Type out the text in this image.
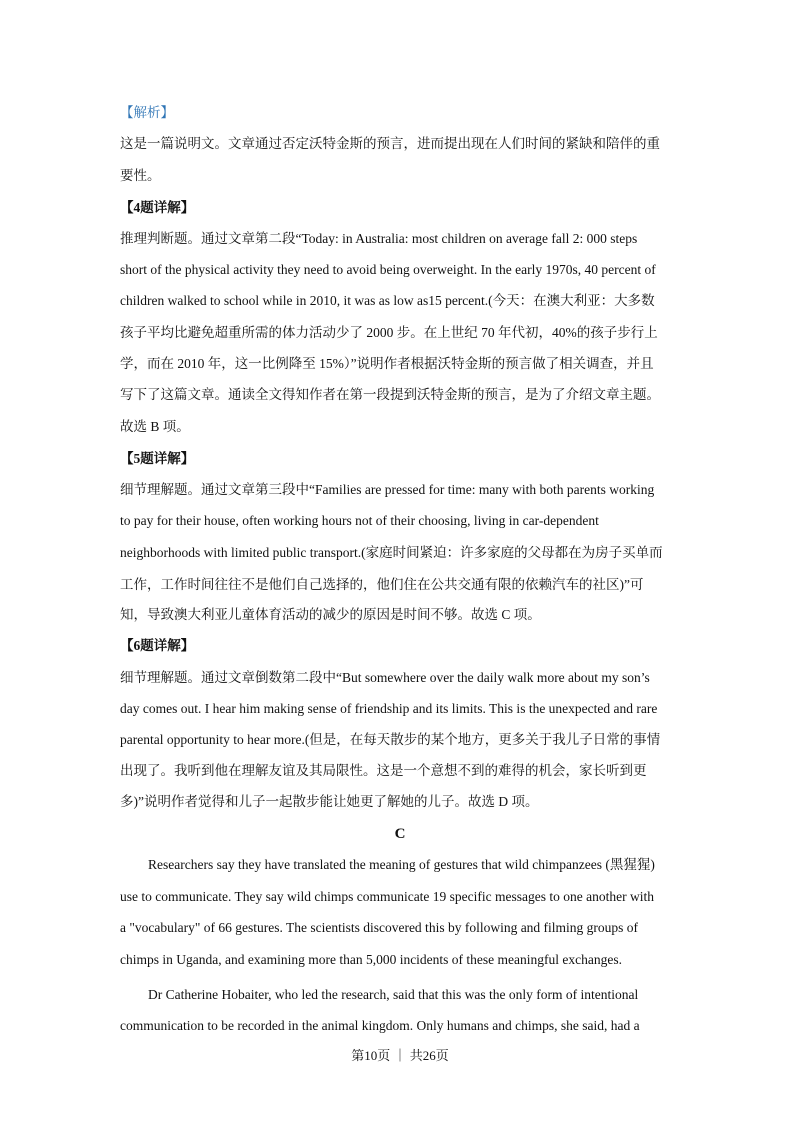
【解析】
这是一篇说明文。文章通过否定沃特金斯的预言，进而提出现在人们时间的紧缺和陪伴的重
要性。
【4题详解】
推理判断题。通过文章第二段“Today: in Australia: most children on average fall 2: 000 steps
short of the physical activity they need to avoid being overweight. In the early 1970s, 40 percent of
children walked to school while in 2010, it was as low as15 percent.(今天：在澳大利亚：大多数
孩子平均比避免超重所需的体力活动少了 2000 步。在上世纪 70 年代初，40%的孩子步行上
学，而在 2010 年，这一比例降至 15%）”说明作者根据沃特金斯的预言做了相关调查，并且
写下了这篇文章。通读全文得知作者在第一段提到沃特金斯的预言，是为了介绍文章主题。
故选 B 项。
【5题详解】
细节理解题。通过文章第三段中“Families are pressed for time: many with both parents working
to pay for their house, often working hours not of their choosing, living in car-dependent
neighborhoods with limited public transport.(家庭时间紧迫：许多家庭的父母都在为房子买单而
工作，工作时间往往不是他们自己选择的，他们住在公共交通有限的依赖汽车的社区)”可
知，导致澳大利亚儿童体育活动的减少的原因是时间不够。故选 C 项。
【6题详解】
细节理解题。通过文章倒数第二段中“But somewhere over the daily walk more about my son’s
day comes out. I hear him making sense of friendship and its limits. This is the unexpected and rare
parental opportunity to hear more.(但是，在每天散步的某个地方，更多关于我儿子日常的事情
出现了。我听到他在理解友谊及其局限性。这是一个意想不到的难得的机会，家长听到更
多)”说明作者觉得和儿子一起散步能让她更了解她的儿子。故选 D 项。
C
Researchers say they have translated the meaning of gestures that wild chimpanzees (黑猩猩)
use to communicate. They say wild chimps communicate 19 specific messages to one another with
a "vocabulary" of 66 gestures. The scientists discovered this by following and filming groups of
chimps in Uganda, and examining more than 5,000 incidents of these meaningful exchanges.
Dr Catherine Hobaiter, who led the research, said that this was the only form of intentional
communication to be recorded in the animal kingdom. Only humans and chimps, she said, had a
第10页 ｜ 共26页
